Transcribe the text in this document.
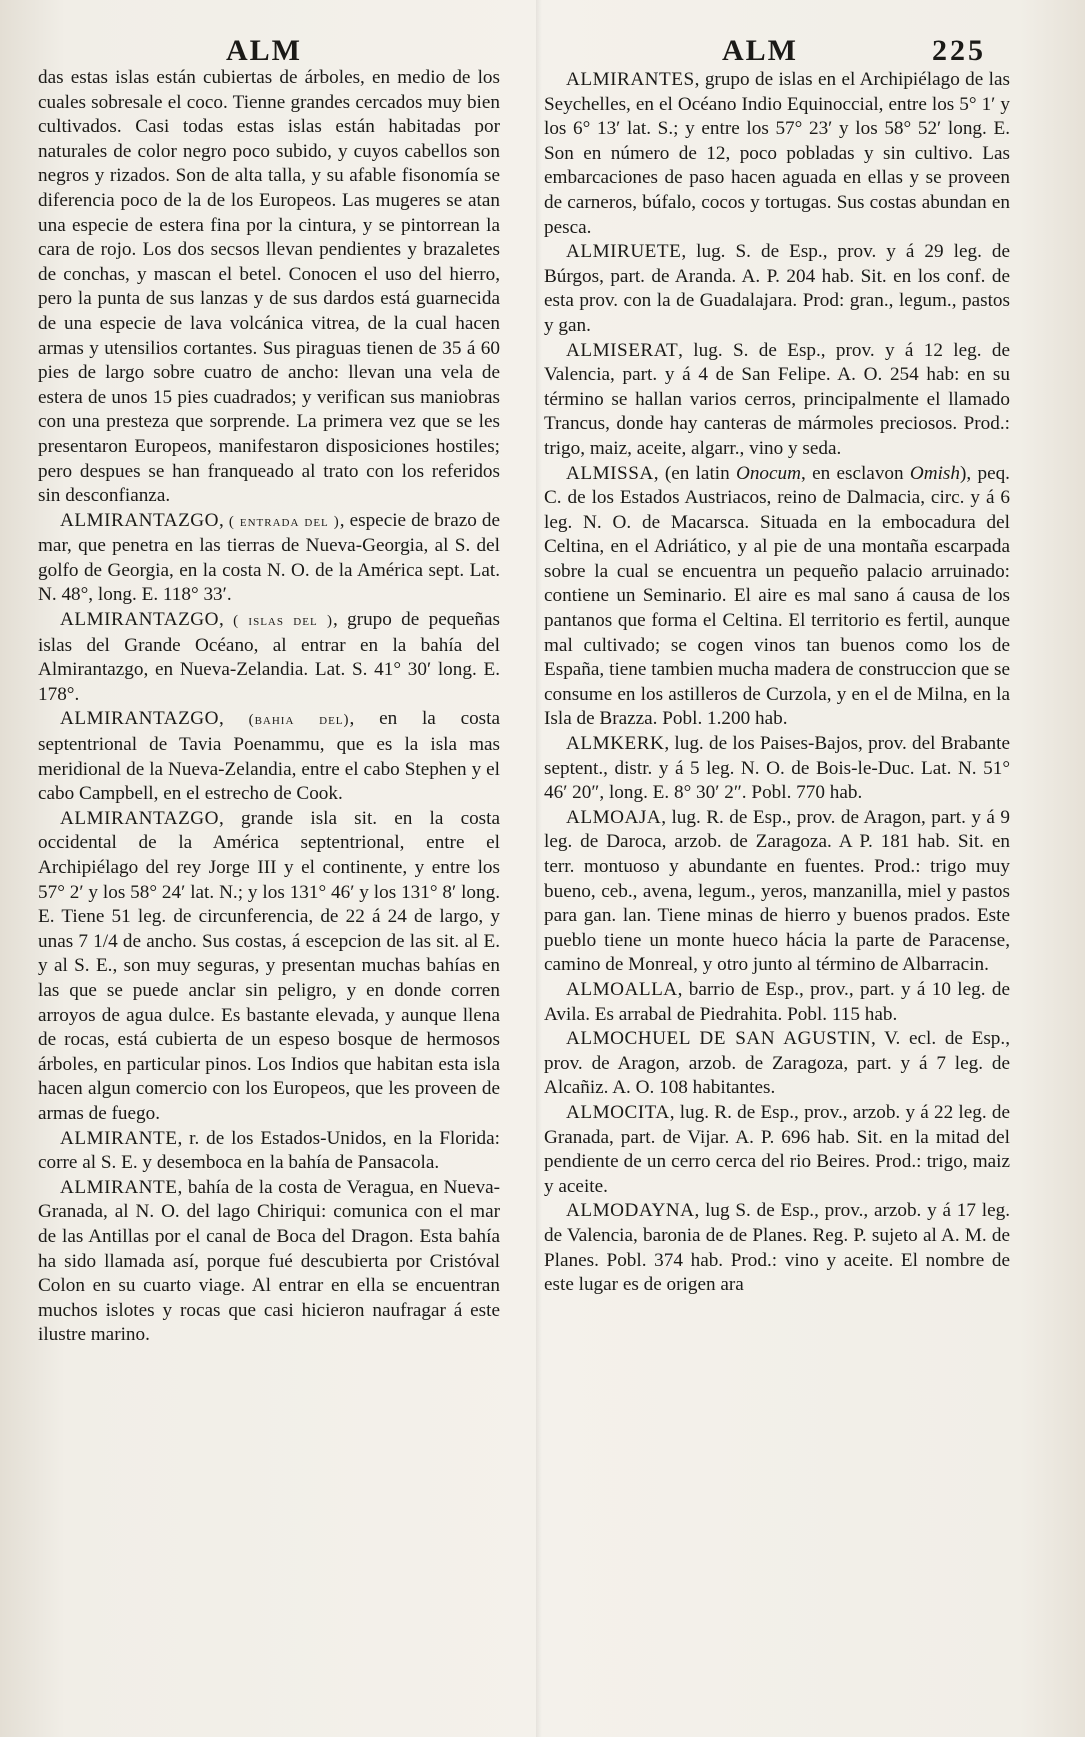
ALM	ALM	225

das estas islas están cubiertas de árboles, en medio de los cuales sobresale el coco. Tienne grandes cercados muy bien cultivados. Casi todas estas islas están habitadas por naturales de color negro poco subido, y cuyos cabellos son negros y rizados. Son de alta talla, y su afable fisonomía se diferencia poco de la de los Europeos. Las mugeres se atan una especie de estera fina por la cintura, y se pintorrean la cara de rojo. Los dos secsos llevan pendientes y brazaletes de conchas, y mascan el betel. Conocen el uso del hierro, pero la punta de sus lanzas y de sus dardos está guarnecida de una especie de lava volcánica vitrea, de la cual hacen armas y utensilios cortantes. Sus piraguas tienen de 35 á 60 pies de largo sobre cuatro de ancho: llevan una vela de estera de unos 15 pies cuadrados; y verifican sus maniobras con una presteza que sorprende. La primera vez que se les presentaron Europeos, manifestaron disposiciones hostiles; pero despues se han franqueado al trato con los referidos sin desconfianza.

ALMIRANTAZGO, ( entrada del ), especie de brazo de mar, que penetra en las tierras de Nueva-Georgia, al S. del golfo de Georgia, en la costa N. O. de la América sept. Lat. N. 48°, long. E. 118° 33′.

ALMIRANTAZGO, ( islas del ), grupo de pequeñas islas del Grande Océano, al entrar en la bahía del Almirantazgo, en Nueva-Zelandia. Lat. S. 41° 30′ long. E. 178°.

ALMIRANTAZGO, (bahia del), en la costa septentrional de Tavia Poenammu, que es la isla mas meridional de la Nueva-Zelandia, entre el cabo Stephen y el cabo Campbell, en el estrecho de Cook.

ALMIRANTAZGO, grande isla sit. en la costa occidental de la América septentrional, entre el Archipiélago del rey Jorge III y el continente, y entre los 57° 2′ y los 58° 24′ lat. N.; y los 131° 46′ y los 131° 8′ long. E. Tiene 51 leg. de circunferencia, de 22 á 24 de largo, y unas 7 1/4 de ancho. Sus costas, á escepcion de las sit. al E. y al S. E., son muy seguras, y presentan muchas bahías en las que se puede anclar sin peligro, y en donde corren arroyos de agua dulce. Es bastante elevada, y aunque llena de rocas, está cubierta de un espeso bosque de hermosos árboles, en particular pinos. Los Indios que habitan esta isla hacen algun comercio con los Europeos, que les proveen de armas de fuego.

ALMIRANTE, r. de los Estados-Unidos, en la Florida: corre al S. E. y desemboca en la bahía de Pansacola.

ALMIRANTE, bahía de la costa de Veragua, en Nueva-Granada, al N. O. del lago Chiriqui: comunica con el mar de las Antillas por el canal de Boca del Dragon. Esta bahía ha sido llamada así, porque fué descubierta por Cristóval Colon en su cuarto viage. Al entrar en ella se encuentran muchos islotes y rocas que casi hicieron naufragar á este ilustre marino.

ALMIRANTES, grupo de islas en el Archipiélago de las Seychelles, en el Océano Indio Equinoccial, entre los 5° 1′ y los 6° 13′ lat. S.; y entre los 57° 23′ y los 58° 52′ long. E. Son en número de 12, poco pobladas y sin cultivo. Las embarcaciones de paso hacen aguada en ellas y se proveen de carneros, búfalo, cocos y tortugas. Sus costas abundan en pesca.

ALMIRUETE, lug. S. de Esp., prov. y á 29 leg. de Búrgos, part. de Aranda. A. P. 204 hab. Sit. en los conf. de esta prov. con la de Guadalajara. Prod: gran., legum., pastos y gan.

ALMISERAT, lug. S. de Esp., prov. y á 12 leg. de Valencia, part. y á 4 de San Felipe. A. O. 254 hab: en su término se hallan varios cerros, principalmente el llamado Trancus, donde hay canteras de mármoles preciosos. Prod.: trigo, maiz, aceite, algarr., vino y seda.

ALMISSA, (en latin Onocum, en esclavon Omish), peq. C. de los Estados Austriacos, reino de Dalmacia, circ. y á 6 leg. N. O. de Macarsca. Situada en la embocadura del Celtina, en el Adriático, y al pie de una montaña escarpada sobre la cual se encuentra un pequeño palacio arruinado: contiene un Seminario. El aire es mal sano á causa de los pantanos que forma el Celtina. El territorio es fertil, aunque mal cultivado; se cogen vinos tan buenos como los de España, tiene tambien mucha madera de construccion que se consume en los astilleros de Curzola, y en el de Milna, en la Isla de Brazza. Pobl. 1.200 hab.

ALMKERK, lug. de los Paises-Bajos, prov. del Brabante septent., distr. y á 5 leg. N. O. de Bois-le-Duc. Lat. N. 51° 46′ 20″, long. E. 8° 30′ 2″. Pobl. 770 hab.

ALMOAJA, lug. R. de Esp., prov. de Aragon, part. y á 9 leg. de Daroca, arzob. de Zaragoza. A P. 181 hab. Sit. en terr. montuoso y abundante en fuentes. Prod.: trigo muy bueno, ceb., avena, legum., yeros, manzanilla, miel y pastos para gan. lan. Tiene minas de hierro y buenos prados. Este pueblo tiene un monte hueco hácia la parte de Paracense, camino de Monreal, y otro junto al término de Albarracin.

ALMOALLA, barrio de Esp., prov., part. y á 10 leg. de Avila. Es arrabal de Piedrahita. Pobl. 115 hab.

ALMOCHUEL DE SAN AGUSTIN, V. ecl. de Esp., prov. de Aragon, arzob. de Zaragoza, part. y á 7 leg. de Alcañiz. A. O. 108 habitantes.

ALMOCITA, lug. R. de Esp., prov., arzob. y á 22 leg. de Granada, part. de Vijar. A. P. 696 hab. Sit. en la mitad del pendiente de un cerro cerca del rio Beires. Prod.: trigo, maiz y aceite.

ALMODAYNA, lug S. de Esp., prov., arzob. y á 17 leg. de Valencia, baronia de de Planes. Reg. P. sujeto al A. M. de Planes. Pobl. 374 hab. Prod.: vino y aceite. El nombre de este lugar es de origen ara
